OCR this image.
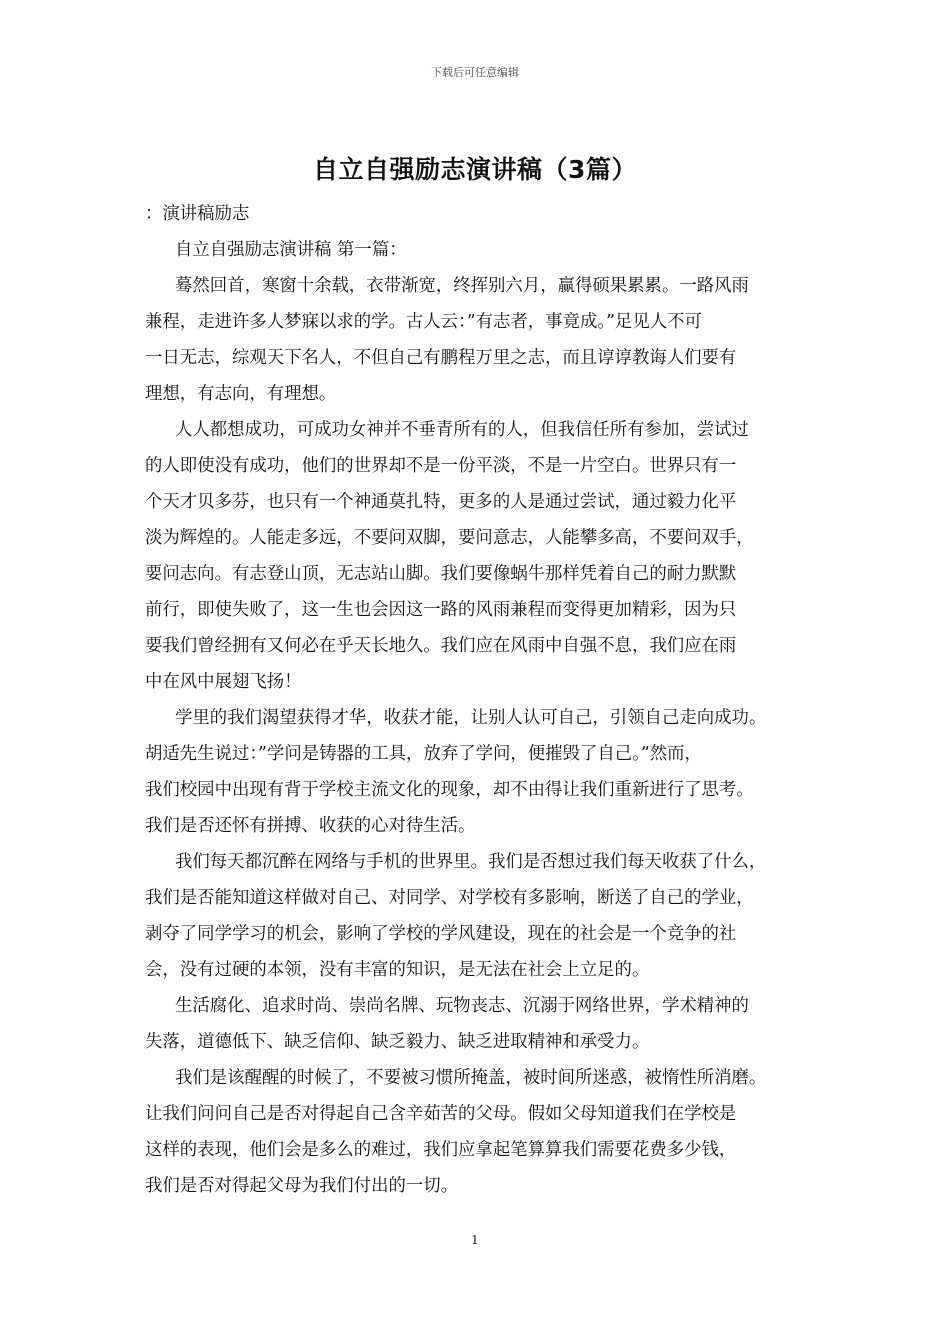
下载后可任意编辑
自立自强励志演讲稿（3篇）
：演讲稿励志
自立自强励志演讲稿 第一篇：
蓦然回首，寒窗十余载，衣带渐宽，终挥别六月，赢得硕果累累。一路风雨
兼程，走进许多人梦寐以求的学。古人云：”有志者，事竟成。”足见人不可
一日无志，综观天下名人，不但自己有鹏程万里之志，而且谆谆教诲人们要有
理想，有志向，有理想。
人人都想成功，可成功女神并不垂青所有的人，但我信任所有参加，尝试过
的人即使没有成功，他们的世界却不是一份平淡，不是一片空白。世界只有一
个天才贝多芬，也只有一个神通莫扎特，更多的人是通过尝试，通过毅力化平
淡为辉煌的。人能走多远，不要问双脚，要问意志，人能攀多高，不要问双手，
要问志向。有志登山顶，无志站山脚。我们要像蜗牛那样凭着自己的耐力默默
前行，即使失败了，这一生也会因这一路的风雨兼程而变得更加精彩，因为只
要我们曾经拥有又何必在乎天长地久。我们应在风雨中自强不息，我们应在雨
中在风中展翅飞扬！
学里的我们渴望获得才华，收获才能，让别人认可自己，引领自己走向成功。
胡适先生说过：”学问是铸器的工具，放弃了学问，便摧毁了自己。”然而，
我们校园中出现有背于学校主流文化的现象，却不由得让我们重新进行了思考。
我们是否还怀有拼搏、收获的心对待生活。
我们每天都沉醉在网络与手机的世界里。我们是否想过我们每天收获了什么，
我们是否能知道这样做对自己、对同学、对学校有多影响，断送了自己的学业，
剥夺了同学学习的机会，影响了学校的学风建设，现在的社会是一个竞争的社
会，没有过硬的本领，没有丰富的知识，是无法在社会上立足的。
生活腐化、追求时尚、崇尚名牌、玩物丧志、沉溺于网络世界，学术精神的
失落，道德低下、缺乏信仰、缺乏毅力、缺乏进取精神和承受力。
我们是该醒醒的时候了，不要被习惯所掩盖，被时间所迷惑，被惰性所消磨。
让我们问问自己是否对得起自己含辛茹苦的父母。假如父母知道我们在学校是
这样的表现，他们会是多么的难过，我们应拿起笔算算我们需要花费多少钱，
我们是否对得起父母为我们付出的一切。
1
